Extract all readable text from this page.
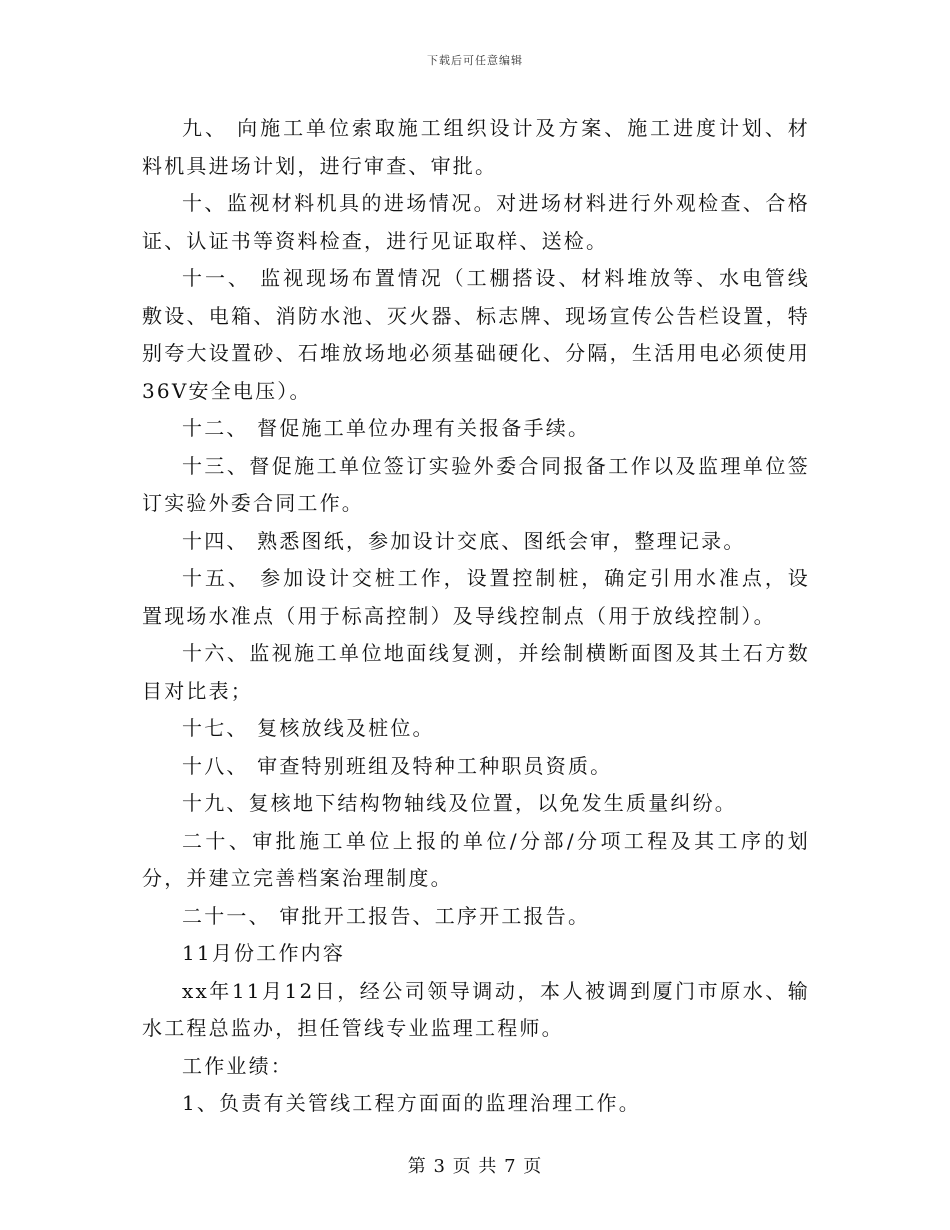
下载后可任意编辑

九、 向施工单位索取施工组织设计及方案、施工进度计划、材料机具进场计划，进行审查、审批。

十、监视材料机具的进场情况。对进场材料进行外观检查、合格证、认证书等资料检查，进行见证取样、送检。

十一、 监视现场布置情况（工棚搭设、材料堆放等、水电管线敷设、电箱、消防水池、灭火器、标志牌、现场宣传公告栏设置，特别夸大设置砂、石堆放场地必须基础硬化、分隔，生活用电必须使用36V安全电压）。

十二、 督促施工单位办理有关报备手续。

十三、督促施工单位签订实验外委合同报备工作以及监理单位签订实验外委合同工作。

十四、 熟悉图纸，参加设计交底、图纸会审，整理记录。

十五、 参加设计交桩工作，设置控制桩，确定引用水准点，设置现场水准点（用于标高控制）及导线控制点（用于放线控制）。

十六、监视施工单位地面线复测，并绘制横断面图及其土石方数目对比表；

十七、 复核放线及桩位。

十八、 审查特别班组及特种工种职员资质。

十九、复核地下结构物轴线及位置，以免发生质量纠纷。

二十、审批施工单位上报的单位/分部/分项工程及其工序的划分，并建立完善档案治理制度。

二十一、 审批开工报告、工序开工报告。

11月份工作内容

xx年11月12日，经公司领导调动，本人被调到厦门市原水、输水工程总监办，担任管线专业监理工程师。

工作业绩：

1、负责有关管线工程方面面的监理治理工作。

第 3 页 共 7 页
